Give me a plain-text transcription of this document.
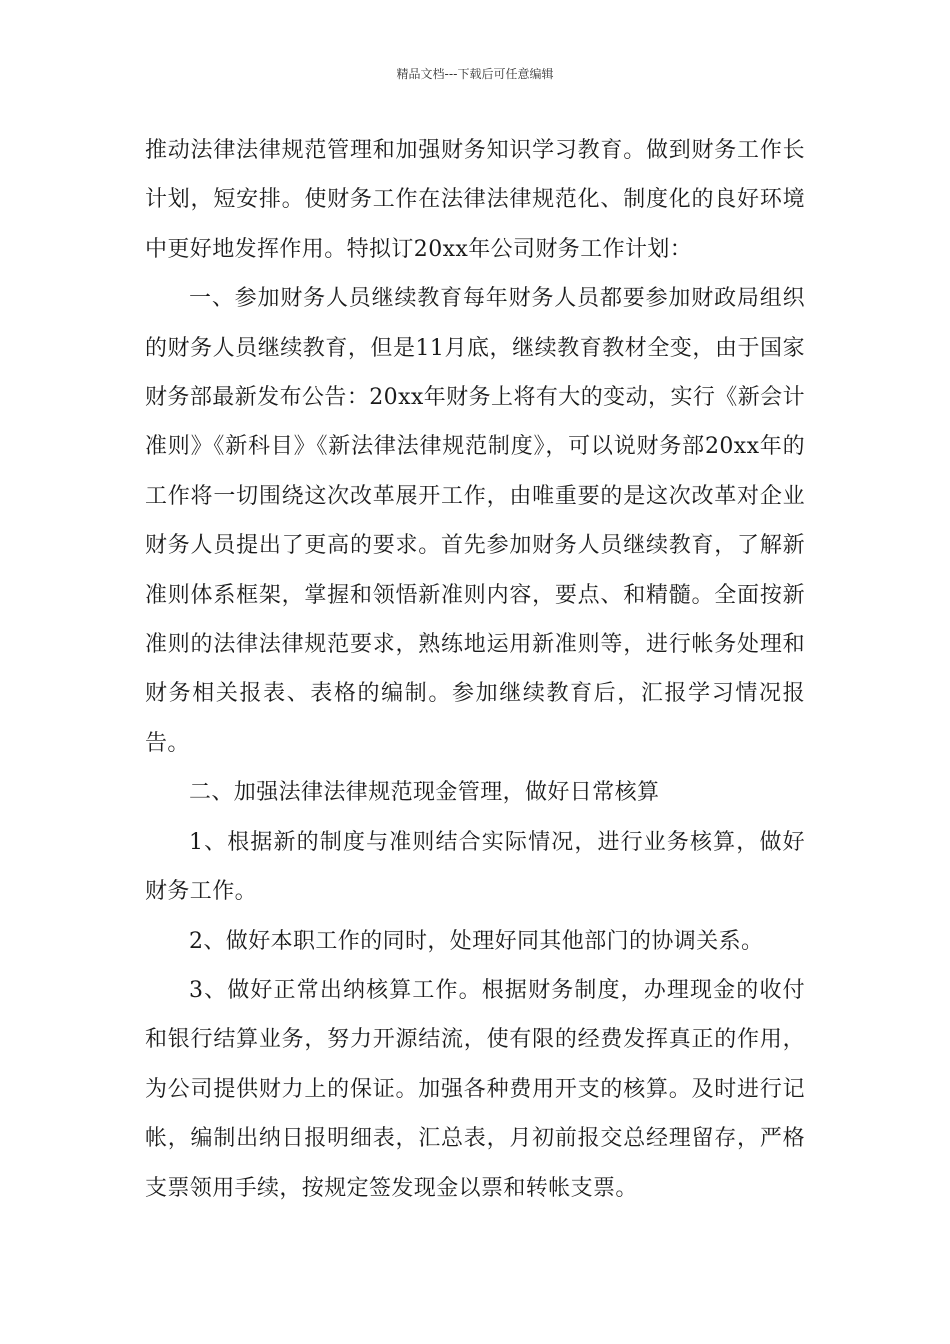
精品文档---下载后可任意编辑

推动法律法律规范管理和加强财务知识学习教育。做到财务工作长计划，短安排。使财务工作在法律法律规范化、制度化的良好环境中更好地发挥作用。特拟订20xx年公司财务工作计划：

一、参加财务人员继续教育每年财务人员都要参加财政局组织的财务人员继续教育，但是11月底，继续教育教材全变，由于国家财务部最新发布公告：20xx年财务上将有大的变动，实行《新会计准则》《新科目》《新法律法律规范制度》，可以说财务部20xx年的工作将一切围绕这次改革展开工作，由唯重要的是这次改革对企业财务人员提出了更高的要求。首先参加财务人员继续教育，了解新准则体系框架，掌握和领悟新准则内容，要点、和精髓。全面按新准则的法律法律规范要求，熟练地运用新准则等，进行帐务处理和财务相关报表、表格的编制。参加继续教育后，汇报学习情况报告。

二、加强法律法律规范现金管理，做好日常核算

1、根据新的制度与准则结合实际情况，进行业务核算，做好财务工作。

2、做好本职工作的同时，处理好同其他部门的协调关系。

3、做好正常出纳核算工作。根据财务制度，办理现金的收付和银行结算业务，努力开源结流，使有限的经费发挥真正的作用，为公司提供财力上的保证。加强各种费用开支的核算。及时进行记帐，编制出纳日报明细表，汇总表，月初前报交总经理留存，严格支票领用手续，按规定签发现金以票和转帐支票。
